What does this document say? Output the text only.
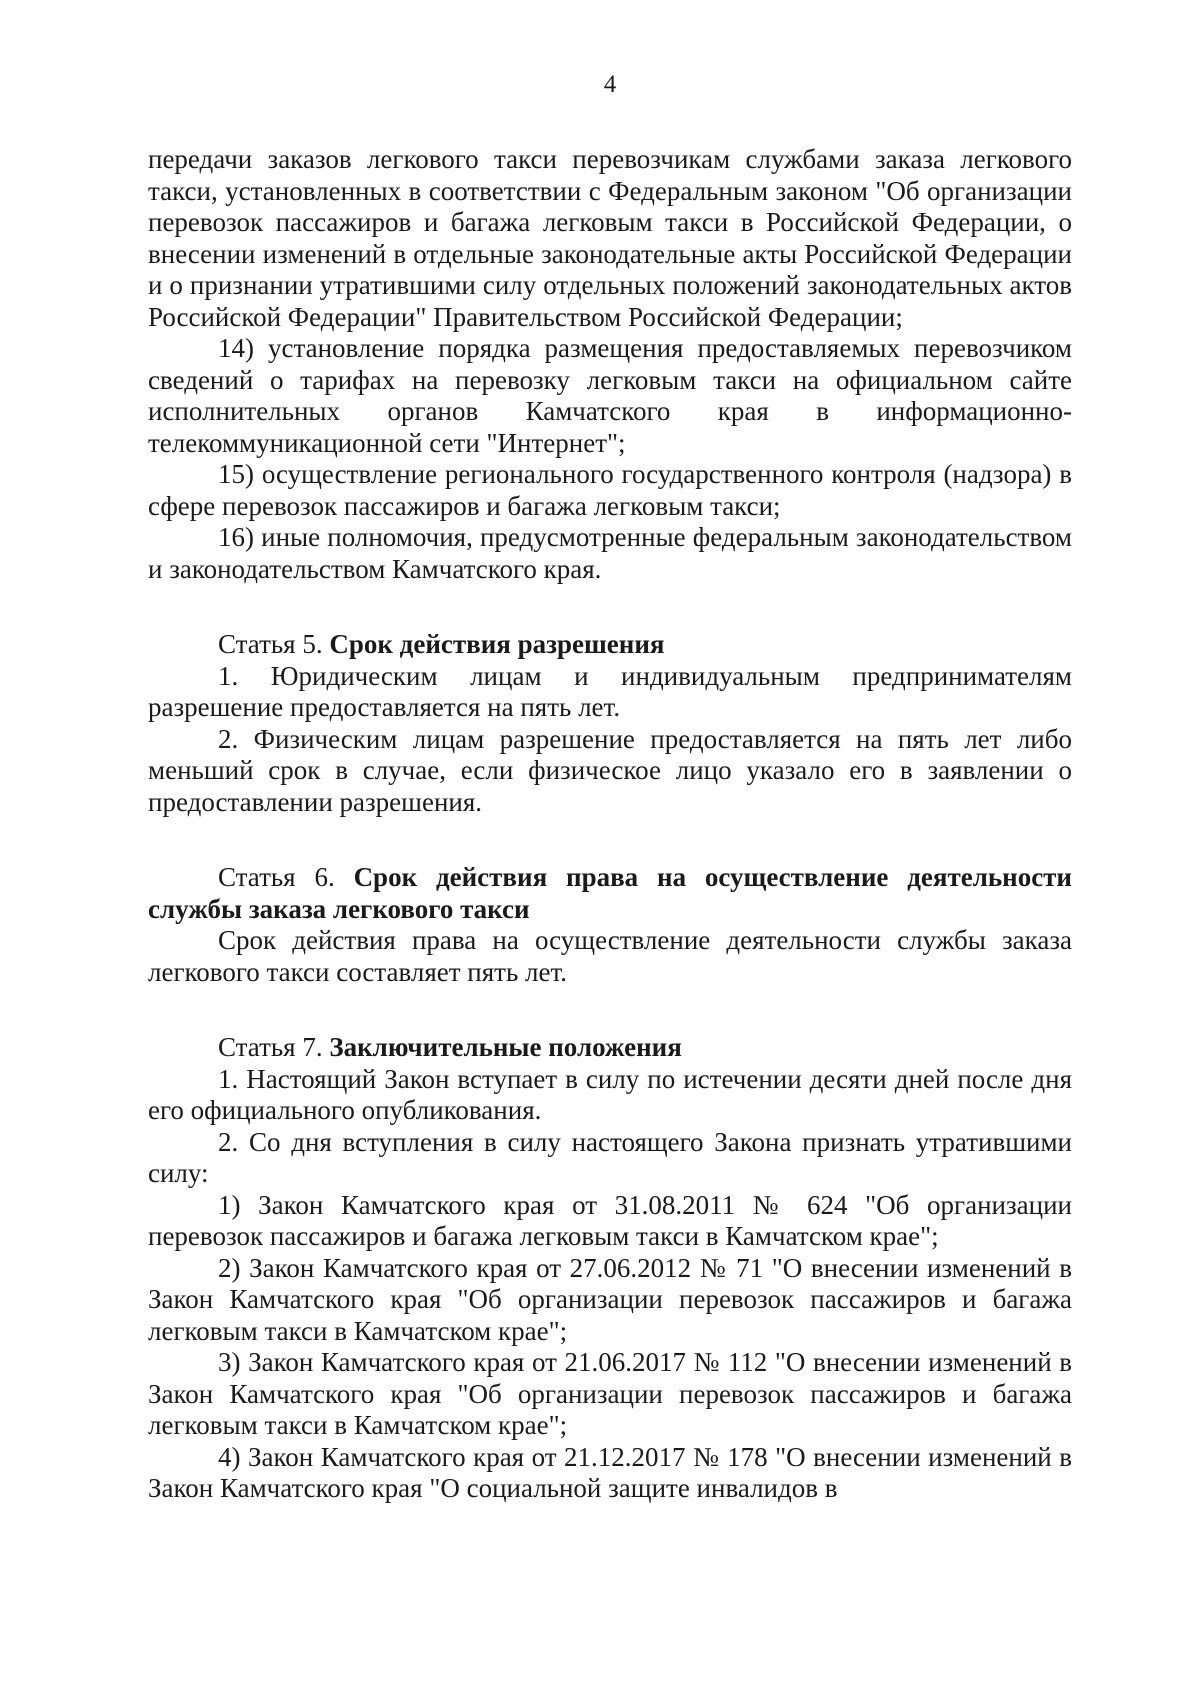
4

передачи заказов легкового такси перевозчикам службами заказа легкового такси, установленных в соответствии с Федеральным законом "Об организации перевозок пассажиров и багажа легковым такси в Российской Федерации, о внесении изменений в отдельные законодательные акты Российской Федерации и о признании утратившими силу отдельных положений законодательных актов Российской Федерации" Правительством Российской Федерации;

14) установление порядка размещения предоставляемых перевозчиком сведений о тарифах на перевозку легковым такси на официальном сайте исполнительных органов Камчатского края в информационно-телекоммуникационной сети "Интернет";

15) осуществление регионального государственного контроля (надзора) в сфере перевозок пассажиров и багажа легковым такси;

16) иные полномочия, предусмотренные федеральным законодательством и законодательством Камчатского края.

Статья 5. Срок действия разрешения

1. Юридическим лицам и индивидуальным предпринимателям разрешение предоставляется на пять лет.

2. Физическим лицам разрешение предоставляется на пять лет либо меньший срок в случае, если физическое лицо указало его в заявлении о предоставлении разрешения.

Статья 6. Срок действия права на осуществление деятельности службы заказа легкового такси

Срок действия права на осуществление деятельности службы заказа легкового такси составляет пять лет.

Статья 7. Заключительные положения

1. Настоящий Закон вступает в силу по истечении десяти дней после дня его официального опубликования.

2. Со дня вступления в силу настоящего Закона признать утратившими силу:

1) Закон Камчатского края от 31.08.2011 № 624 "Об организации перевозок пассажиров и багажа легковым такси в Камчатском крае";

2) Закон Камчатского края от 27.06.2012 № 71 "О внесении изменений в Закон Камчатского края "Об организации перевозок пассажиров и багажа легковым такси в Камчатском крае";

3) Закон Камчатского края от 21.06.2017 № 112 "О внесении изменений в Закон Камчатского края "Об организации перевозок пассажиров и багажа легковым такси в Камчатском крае";

4) Закон Камчатского края от 21.12.2017 № 178 "О внесении изменений в Закон Камчатского края "О социальной защите инвалидов в
